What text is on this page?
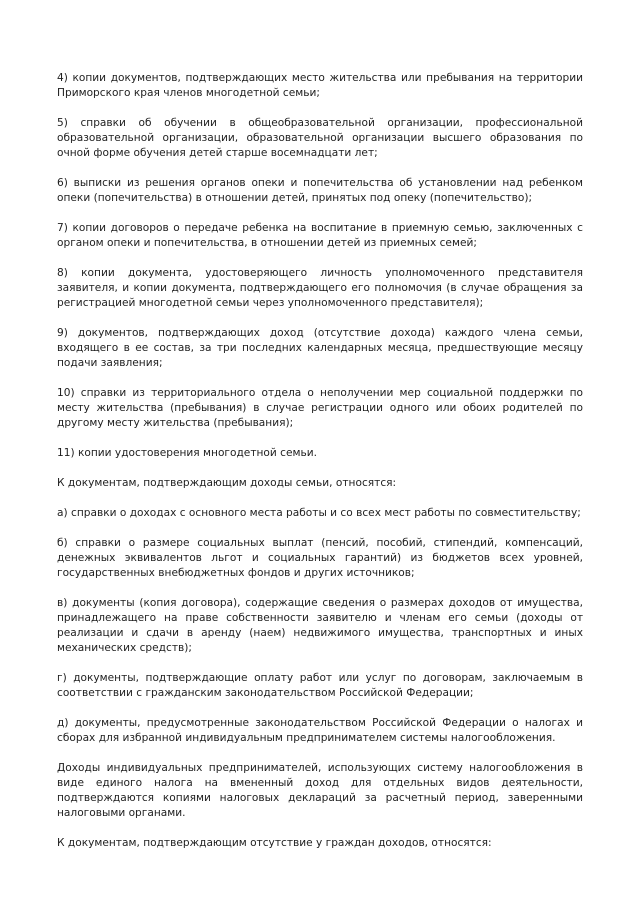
4) копии документов, подтверждающих место жительства или пребывания на территории Приморского края членов многодетной семьи;

5) справки об обучении в общеобразовательной организации, профессиональной образовательной организации, образовательной организации высшего образования по очной форме обучения детей старше восемнадцати лет;

6) выписки из решения органов опеки и попечительства об установлении над ребенком опеки (попечительства) в отношении детей, принятых под опеку (попечительство);

7) копии договоров о передаче ребенка на воспитание в приемную семью, заключенных с органом опеки и попечительства, в отношении детей из приемных семей;

8) копии документа, удостоверяющего личность уполномоченного представителя заявителя, и копии документа, подтверждающего его полномочия (в случае обращения за регистрацией многодетной семьи через уполномоченного представителя);

9) документов, подтверждающих доход (отсутствие дохода) каждого члена семьи, входящего в ее состав, за три последних календарных месяца, предшествующие месяцу подачи заявления;

10) справки из территориального отдела о неполучении мер социальной поддержки по месту жительства (пребывания) в случае регистрации одного или обоих родителей по другому месту жительства (пребывания);

11) копии удостоверения многодетной семьи.

К документам, подтверждающим доходы семьи, относятся:

а) справки о доходах с основного места работы и со всех мест работы по совместительству;

б) справки о размере социальных выплат (пенсий, пособий, стипендий, компенсаций, денежных эквивалентов льгот и социальных гарантий) из бюджетов всех уровней, государственных внебюджетных фондов и других источников;

в) документы (копия договора), содержащие сведения о размерах доходов от имущества, принадлежащего на праве собственности заявителю и членам его семьи (доходы от реализации и сдачи в аренду (наем) недвижимого имущества, транспортных и иных механических средств);

г) документы, подтверждающие оплату работ или услуг по договорам, заключаемым в соответствии с гражданским законодательством Российской Федерации;

д) документы, предусмотренные законодательством Российской Федерации о налогах и сборах для избранной индивидуальным предпринимателем системы налогообложения.

Доходы индивидуальных предпринимателей, использующих систему налогообложения в виде единого налога на вмененный доход для отдельных видов деятельности, подтверждаются копиями налоговых деклараций за расчетный период, заверенными налоговыми органами.

К документам, подтверждающим отсутствие у граждан доходов, относятся:
